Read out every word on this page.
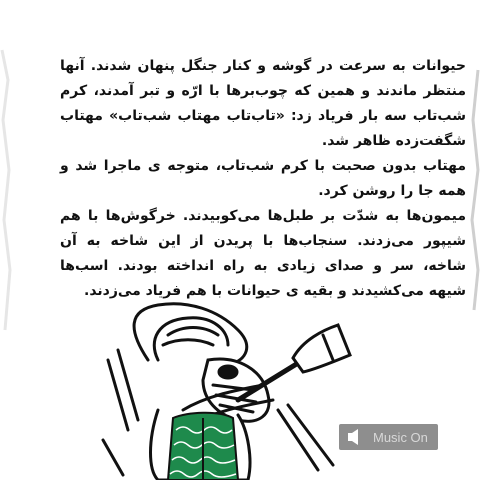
حیوانات به سرعت در گوشه و کنار جنگل پنهان شدند. آنها منتظر ماندند و همین که چوب‌برها با ارّه و تبر آمدند، کرم شب‌تاب سه بار فریاد زد: «تاب‌تاب مهتاب شب‌تاب» مهتاب شگفت‌زده ظاهر شد.

مهتاب بدون صحبت با کرم شب‌تاب، متوجه ی ماجرا شد و همه جا را روشن کرد.

میمون‌ها به شدّت بر طبل‌ها می‌کوبیدند. خرگوش‌ها با هم شیپور می‌زدند. سنجاب‌ها با پریدن از این شاخه به آن شاخه، سر و صدای زیادی به راه انداخته بودند. اسب‌ها شیهه می‌کشیدند و بقیه ی حیوانات با هم فریاد می‌زدند.

Music On
